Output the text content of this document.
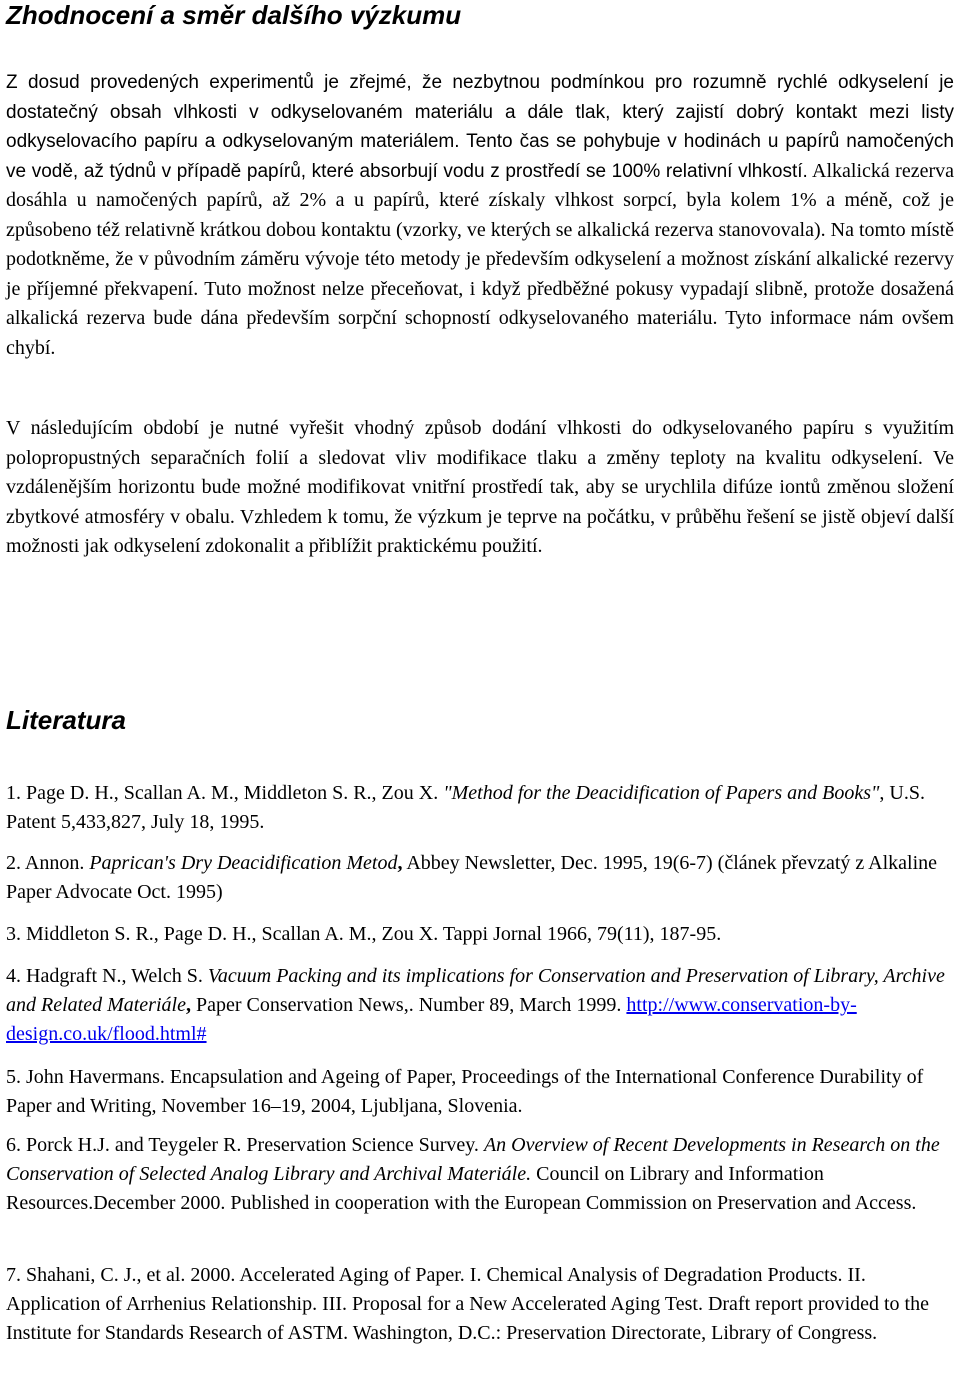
Zhodnocení a směr dalšího výzkumu

Z dosud provedených experimentů je zřejmé, že nezbytnou podmínkou pro rozumně rychlé odkyselení je dostatečný obsah vlhkosti v odkyselovaném materiálu a dále tlak, který zajistí dobrý kontakt mezi listy odkyselovacího papíru a odkyselovaným materiálem. Tento čas se pohybuje v hodinách u papírů namočených ve vodě, až týdnů v případě papírů, které absorbují vodu z prostředí se 100% relativní vlhkostí. Alkalická rezerva dosáhla u namočených papírů, až 2% a u papírů, které získaly vlhkost sorpcí, byla kolem 1% a méně, což je způsobeno též relativně krátkou dobou kontaktu (vzorky, ve kterých se alkalická rezerva stanovovala). Na tomto místě podotkněme, že v původním záměru vývoje této metody je především odkyselení a možnost získání alkalické rezervy je příjemné překvapení. Tuto možnost nelze přeceňovat, i když předběžné pokusy vypadají slibně, protože dosažená alkalická rezerva bude dána především sorpční schopností odkyselovaného materiálu. Tyto informace nám ovšem chybí.

V následujícím období je nutné vyřešit vhodný způsob dodání vlhkosti do odkyselovaného papíru s využitím polopropustných separačních folií a sledovat vliv modifikace tlaku a změny teploty na kvalitu odkyselení. Ve vzdálenějším horizontu bude možné modifikovat vnitřní prostředí tak, aby se urychlila difúze iontů změnou složení zbytkové atmosféry v obalu. Vzhledem k tomu, že výzkum je teprve na počátku, v průběhu řešení se jistě objeví další možnosti jak odkyselení zdokonalit a přiblížit praktickému použití.

Literatura

1. Page D. H., Scallan A. M., Middleton S. R., Zou X. "Method for the Deacidification of Papers and Books", U.S. Patent 5,433,827, July 18, 1995.

2. Annon. Paprican's Dry Deacidification Metod, Abbey Newsletter, Dec. 1995, 19(6-7) (článek převzatý z Alkaline Paper Advocate Oct. 1995)

3. Middleton S. R., Page D. H., Scallan A. M., Zou X. Tappi Jornal 1966, 79(11), 187-95.

4. Hadgraft N., Welch S. Vacuum Packing and its implications for Conservation and Preservation of Library, Archive and Related Materiále, Paper Conservation News,. Number 89, March 1999. http://www.conservation-by-design.co.uk/flood.html#

5. John Havermans. Encapsulation and Ageing of Paper, Proceedings of the International Conference Durability of Paper and Writing, November 16–19, 2004, Ljubljana, Slovenia.

6. Porck H.J. and Teygeler R. Preservation Science Survey. An Overview of Recent Developments in Research on the Conservation of Selected Analog Library and Archival Materiále. Council on Library and Information Resources.December 2000. Published in cooperation with the European Commission on Preservation and Access.

7. Shahani, C. J., et al. 2000. Accelerated Aging of Paper. I. Chemical Analysis of Degradation Products. II. Application of Arrhenius Relationship. III. Proposal for a New Accelerated Aging Test. Draft report provided to the Institute for Standards Research of ASTM. Washington, D.C.: Preservation Directorate, Library of Congress.
